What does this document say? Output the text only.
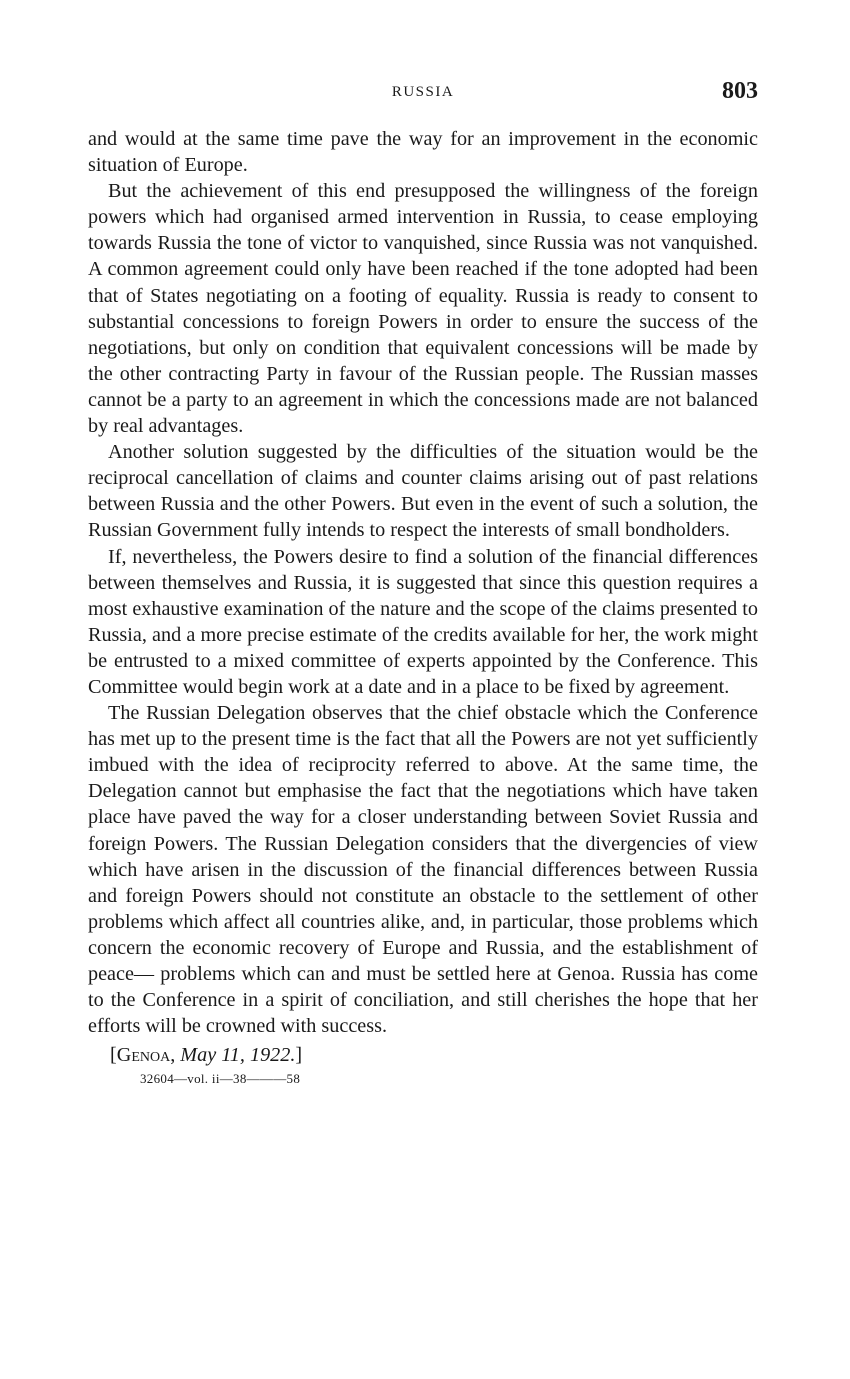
RUSSIA	803

and would at the same time pave the way for an improvement in the economic situation of Europe.

But the achievement of this end presupposed the willingness of the foreign powers which had organised armed intervention in Russia, to cease employing towards Russia the tone of victor to vanquished, since Russia was not vanquished. A common agreement could only have been reached if the tone adopted had been that of States negotiating on a footing of equality. Russia is ready to consent to substantial concessions to foreign Powers in order to ensure the success of the negotiations, but only on condition that equivalent concessions will be made by the other contracting Party in favour of the Russian people. The Russian masses cannot be a party to an agreement in which the concessions made are not balanced by real advantages.

Another solution suggested by the difficulties of the situation would be the reciprocal cancellation of claims and counter claims arising out of past relations between Russia and the other Powers. But even in the event of such a solution, the Russian Government fully intends to respect the interests of small bondholders.

If, nevertheless, the Powers desire to find a solution of the financial differences between themselves and Russia, it is suggested that since this question requires a most exhaustive examination of the nature and the scope of the claims presented to Russia, and a more precise estimate of the credits available for her, the work might be entrusted to a mixed committee of experts appointed by the Conference. This Committee would begin work at a date and in a place to be fixed by agreement.

The Russian Delegation observes that the chief obstacle which the Conference has met up to the present time is the fact that all the Powers are not yet sufficiently imbued with the idea of reciprocity referred to above. At the same time, the Delegation cannot but emphasise the fact that the negotiations which have taken place have paved the way for a closer understanding between Soviet Russia and foreign Powers. The Russian Delegation considers that the divergencies of view which have arisen in the discussion of the financial differences between Russia and foreign Powers should not constitute an obstacle to the settlement of other problems which affect all countries alike, and, in particular, those problems which concern the economic recovery of Europe and Russia, and the establishment of peace— problems which can and must be settled here at Genoa. Russia has come to the Conference in a spirit of conciliation, and still cherishes the hope that her efforts will be crowned with success.

[Genoa, May 11, 1922.]
32604—vol. ii—38———58
